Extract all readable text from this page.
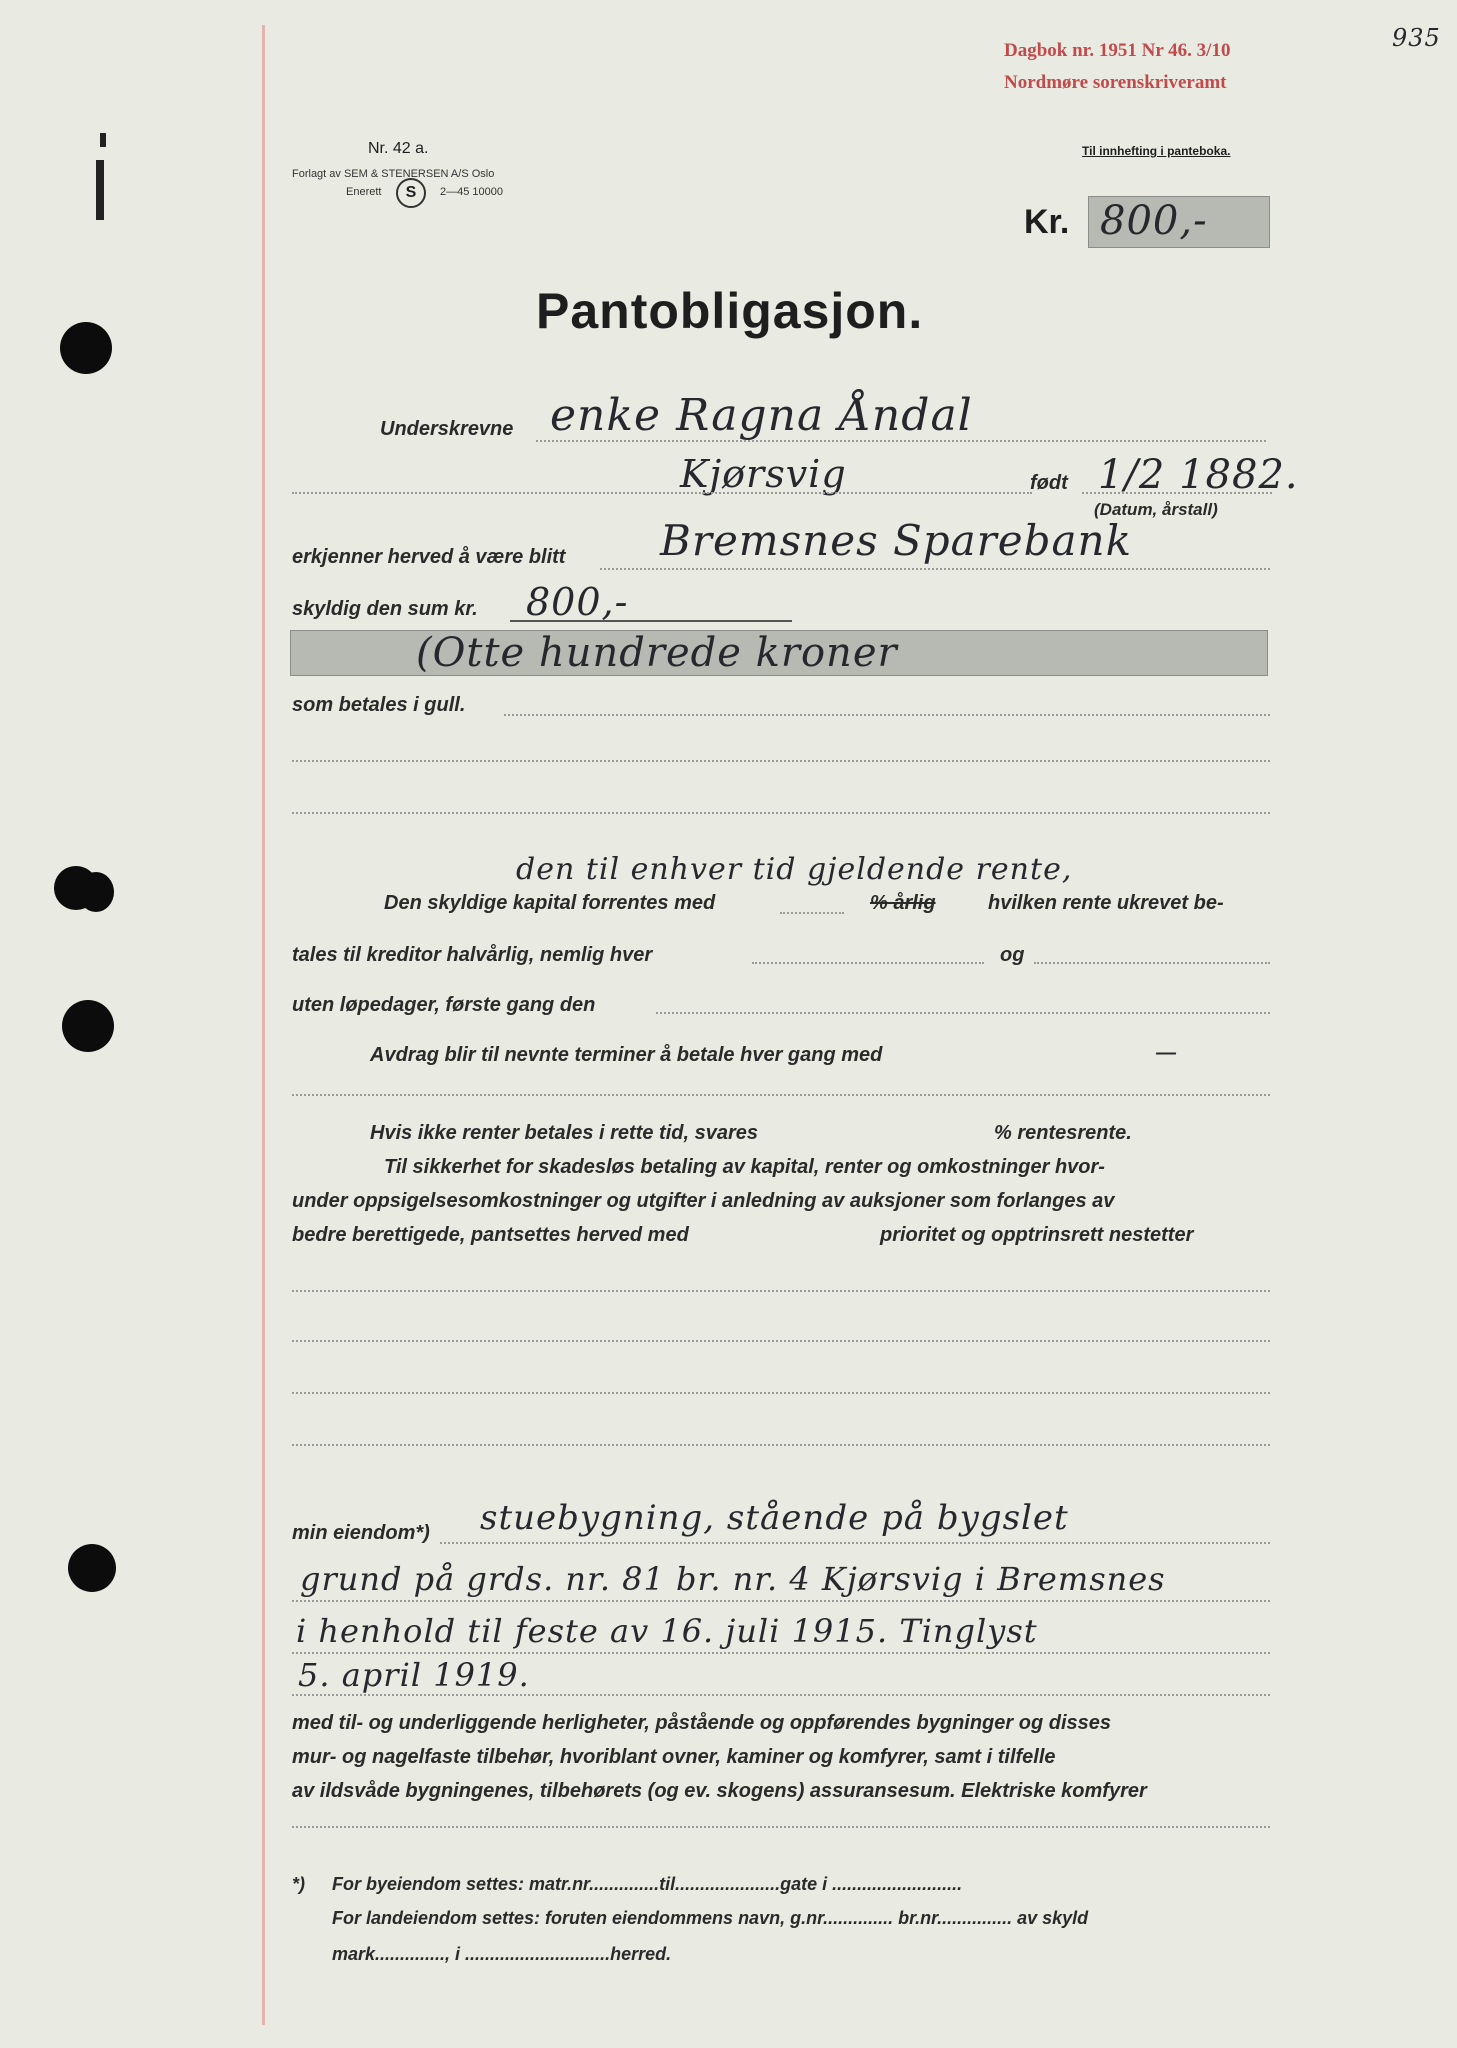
Dagbok nr. 1951 Nr 46. 3/10	935
Nordmøre sorenskriveramt
Nr. 42 a.
Forlagt av SEM & STENERSEN A/S Oslo
Enerett	S	2—45 10000
Til innhefting i panteboka.
Kr. 800,-
Pantobligasjon.
Underskrevne enke Ragna Åndal
Kjørsvig	født 1/2 1882.
(Datum, årstall)
erkjenner herved å være blitt Bremsnes Sparebank
skyldig den sum kr. 800,-
(Otte hundrede kroner
som betales i gull.
den til enhver tid gjeldende rente,
Den skyldige kapital forrentes med	% årlig	hvilken rente ukrevet be-
tales til kreditor halvårlig, nemlig hver	og
uten løpedager, første gang den
Avdrag blir til nevnte terminer å betale hver gang med	—
Hvis ikke renter betales i rette tid, svares	% rentesrente.
Til sikkerhet for skadesløs betaling av kapital, renter og omkostninger hvor-
under oppsigelsesomkostninger og utgifter i anledning av auksjoner som forlanges av
bedre berettigede, pantsettes herved med	prioritet og opptrinsrett nestetter
min eiendom*) stuebygning, stående på bygslet
grund på grds. nr. 81 br. nr. 4 Kjørsvig i Bremsnes
i henhold til feste av 16. juli 1915. Tinglyst
5. april 1919.
med til- og underliggende herligheter, påstående og oppførendes bygninger og disses
mur- og nagelfaste tilbehør, hvoriblant ovner, kaminer og komfyrer, samt i tilfelle
av ildsvåde bygningenes, tilbehørets (og ev. skogens) assuransesum. Elektriske komfyrer
*) For byeiendom settes: matr.nr..............til.....................gate i ..........................
For landeiendom settes: foruten eiendommens navn, g.nr.............. br.nr............... av skyld
mark.............., i .............................herred.
